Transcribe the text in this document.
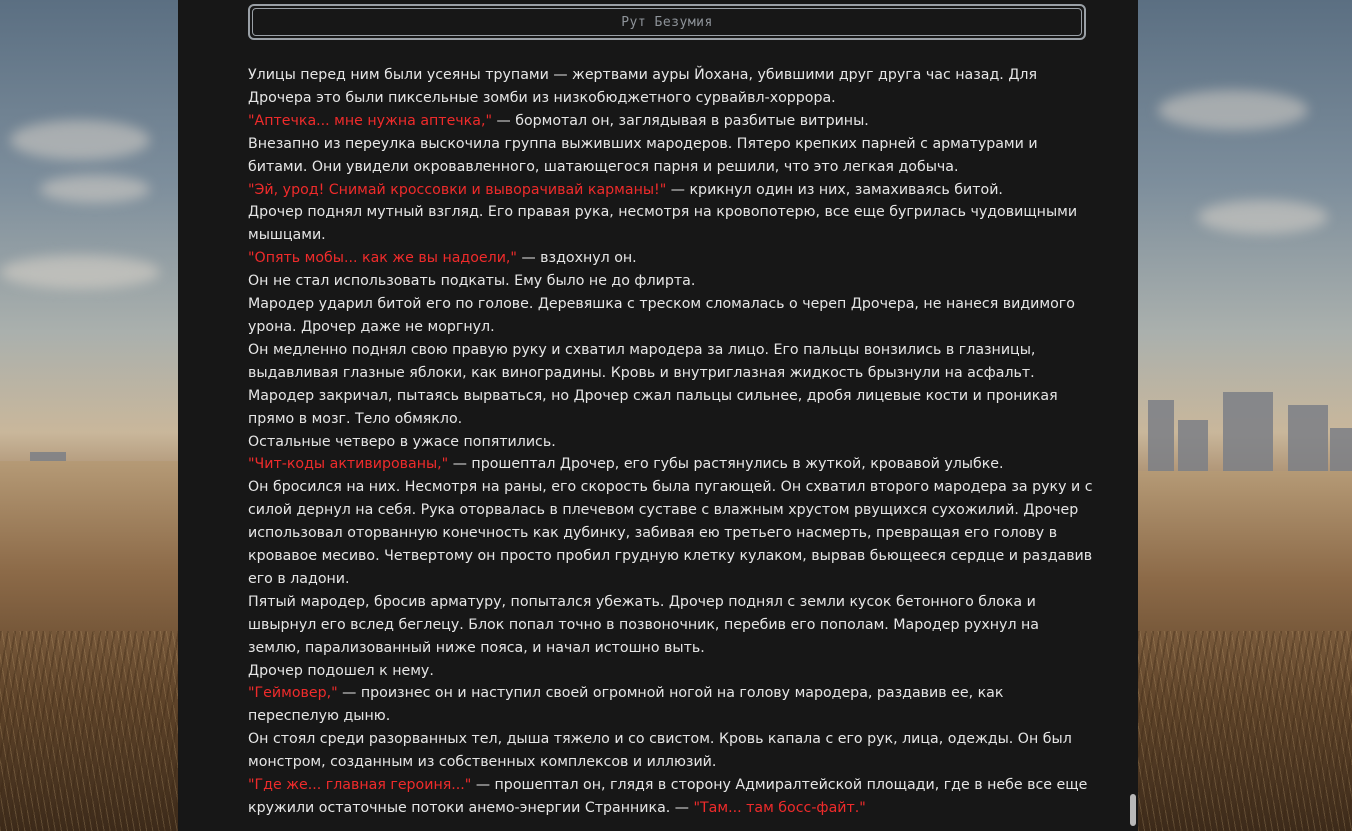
Рут Безумия

Улицы перед ним были усеяны трупами — жертвами ауры Йохана, убившими друг друга час назад. Для Дрочера это были пиксельные зомби из низкобюджетного сурвайвл-хоррора.

"Аптечка... мне нужна аптечка," — бормотал он, заглядывая в разбитые витрины.

Внезапно из переулка выскочила группа выживших мародеров. Пятеро крепких парней с арматурами и битами. Они увидели окровавленного, шатающегося парня и решили, что это легкая добыча.

"Эй, урод! Снимай кроссовки и выворачивай карманы!" — крикнул один из них, замахиваясь битой.

Дрочер поднял мутный взгляд. Его правая рука, несмотря на кровопотерю, все еще бугрилась чудовищными мышцами.

"Опять мобы... как же вы надоели," — вздохнул он.

Он не стал использовать подкаты. Ему было не до флирта.

Мародер ударил битой его по голове. Деревяшка с треском сломалась о череп Дрочера, не нанеся видимого урона. Дрочер даже не моргнул.

Он медленно поднял свою правую руку и схватил мародера за лицо. Его пальцы вонзились в глазницы, выдавливая глазные яблоки, как виноградины. Кровь и внутриглазная жидкость брызнули на асфальт.

Мародер закричал, пытаясь вырваться, но Дрочер сжал пальцы сильнее, дробя лицевые кости и проникая прямо в мозг. Тело обмякло.

Остальные четверо в ужасе попятились.

"Чит-коды активированы," — прошептал Дрочер, его губы растянулись в жуткой, кровавой улыбке.

Он бросился на них. Несмотря на раны, его скорость была пугающей. Он схватил второго мародера за руку и с силой дернул на себя. Рука оторвалась в плечевом суставе с влажным хрустом рвущихся сухожилий. Дрочер использовал оторванную конечность как дубинку, забивая ею третьего насмерть, превращая его голову в кровавое месиво. Четвертому он просто пробил грудную клетку кулаком, вырвав бьющееся сердце и раздавив его в ладони.

Пятый мародер, бросив арматуру, попытался убежать. Дрочер поднял с земли кусок бетонного блока и швырнул его вслед беглецу. Блок попал точно в позвоночник, перебив его пополам. Мародер рухнул на землю, парализованный ниже пояса, и начал истошно выть.

Дрочер подошел к нему.

"Геймовер," — произнес он и наступил своей огромной ногой на голову мародера, раздавив ее, как переспелую дыню.

Он стоял среди разорванных тел, дыша тяжело и со свистом. Кровь капала с его рук, лица, одежды. Он был монстром, созданным из собственных комплексов и иллюзий.

"Где же... главная героиня..." — прошептал он, глядя в сторону Адмиралтейской площади, где в небе все еще кружили остаточные потоки анемо-энергии Странника. — "Там... там босс-файт."
